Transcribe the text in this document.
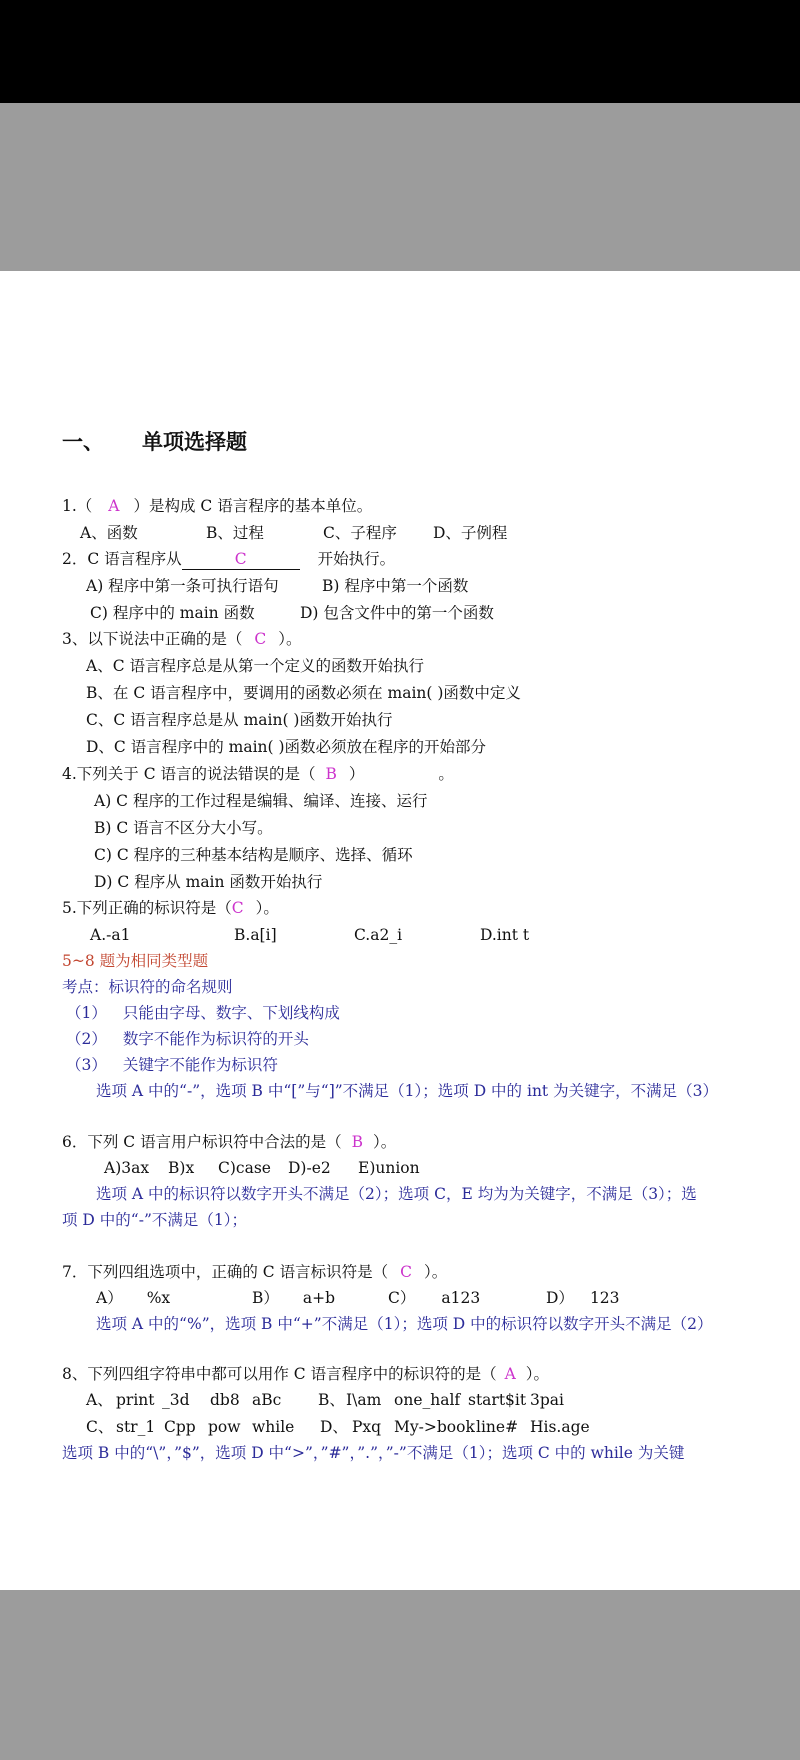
一、 单项选择题
1.（ A ）是构成 C 语言程序的基本单位。
A、函数	B、过程	C、子程序 D、子例程
2．C 语言程序从	C	开始执行。
A) 程序中第一条可执行语句	B) 程序中第一个函数
C) 程序中的 main 函数	D) 包含文件中的第一个函数
3、以下说法中正确的是（ C ）。
A、C 语言程序总是从第一个定义的函数开始执行
B、在 C 语言程序中，要调用的函数必须在 main( )函数中定义
C、C 语言程序总是从 main( )函数开始执行
D、C 语言程序中的 main( )函数必须放在程序的开始部分
4.下列关于 C 语言的说法错误的是（ B ）	。
A) C 程序的工作过程是编辑、编译、连接、运行
B) C 语言不区分大小写。
C) C 程序的三种基本结构是顺序、选择、循环
D) C 程序从 main 函数开始执行
5.下列正确的标识符是（C ）。
A.-a1	B.a[i]	C.a2_i	D.int t
5~8 题为相同类型题
考点：标识符的命名规则
（1） 只能由字母、数字、下划线构成
（2） 数字不能作为标识符的开头
（3） 关键字不能作为标识符
选项 A 中的“-”，选项 B 中“[”与“]”不满足（1）；选项 D 中的 int 为关键字，不满足（3）
6．下列 C 语言用户标识符中合法的是（ B ）。
A)3ax B)x C)case D)-e2 E)union
选项 A 中的标识符以数字开头不满足（2）；选项 C，E 均为为关键字，不满足（3）；选
项 D 中的“-”不满足（1）；
7．下列四组选项中，正确的 C 语言标识符是（ C ）。
A） %x	B） a+b	C） a123	D） 123
选项 A 中的“%”，选项 B 中“+”不满足（1）；选项 D 中的标识符以数字开头不满足（2）
8、下列四组字符串中都可以用作 C 语言程序中的标识符的是（ A ）。
A、 print _3d db8 aBc B、 I\am one_half start$it 3pai
C、 str_1 Cpp pow while D、 Pxq My->book line# His.age
选项 B 中的“\”，”$”，选项 D 中“>”，”#”，”.”，”-”不满足（1）；选项 C 中的 while 为关键
